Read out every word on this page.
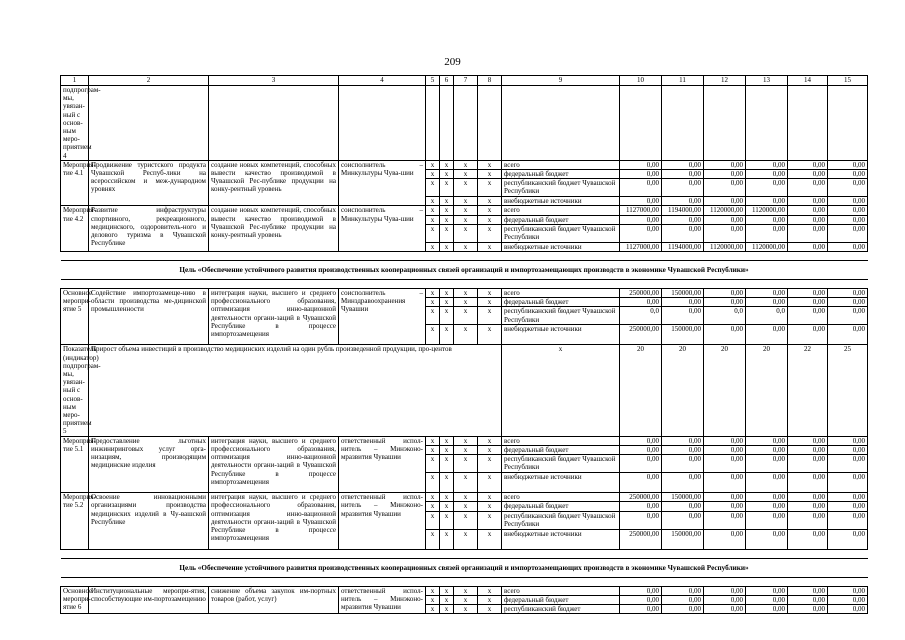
209
1	2	3	4	5	6	7	8	9	10	11	12	13	14	15
подпрограм-мы, увязан-ный с основ-ным меро-приятием 4														
Мероприя-тие 4.1	Продвижение туристского продукта Чувашской Респуб-лики на всероссийском и меж-дународном уровнях	создание новых компетенций, способных вывести качество производимой в Чувашской Рес-публике продукции на конку-рентный уровень	соисполнитель – Минкультуры Чува-шии	x	x	x	x	всего	0,00	0,00	0,00	0,00	0,00	0,00
				x	x	x	x	федеральный бюджет	0,00	0,00	0,00	0,00	0,00	0,00
				x	x	x	x	республиканский бюджет Чувашской Республики	0,00	0,00	0,00	0,00	0,00	0,00
				x	x	x	x	внебюджетные источники	0,00	0,00	0,00	0,00	0,00	0,00
Мероприя-тие 4.2	Развитие инфраструктуры спортивного, рекреационного, медицинского, оздоровитель-ного и делового туризма в Чувашской Республике	создание новых компетенций, способных вывести качество производимой в Чувашской Рес-публике продукции на конку-рентный уровень	соисполнитель – Минкультуры Чува-шии	x	x	x	x	всего	1127000,00	1194000,00	1120000,00	1120000,00	0,00	0,00
				x	x	x	x	федеральный бюджет	0,00	0,00	0,00	0,00	0,00	0,00
				x	x	x	x	республиканский бюджет Чувашской Республики	0,00	0,00	0,00	0,00	0,00	0,00
				x	x	x	x	внебюджетные источники	1127000,00	1194000,00	1120000,00	1120000,00	0,00	0,00

Цель «Обеспечение устойчивого развития производственных кооперационных связей организаций и импортозамещающих производств в экономике Чувашской Республики»														

Основное меропри-ятие 5	Содействие импортозамеще-нию в области производства ме-дицинской промышленности	интеграция науки, высшего и среднего профессионального образования, оптимизация инно-вационной деятельности органи-заций в Чувашской Республике в процессе импортозамещения	соисполнитель – Минздравоохранения Чувашии	x	x	x	x	всего	250000,00	150000,00	0,00	0,00	0,00	0,00
				x	x	x	x	федеральный бюджет	0,00	0,00	0,00	0,00	0,00	0,00
				x	x	x	x	республиканский бюджет Чувашской Республики	0,0	0,00	0,0	0,0	0,00	0,00
				x	x	x	x	внебюджетные источники	250000,00	150000,00	0,00	0,00	0,00	0,00
Показатель (индикатор) подпрограм-мы, увязан-ный с основ-ным меро-приятием 5	Прирост объема инвестиций в производство медицинских изделий на один рубль произведенной продукции, про-центов							x	20	20	20	20	22	25
Мероприя-тие 5.1	Предоставление льготных инжиниринговых услуг орга-низациям, производящим медицинские изделия	интеграция науки, высшего и среднего профессионального образования, оптимизация инно-вационной деятельности органи-заций в Чувашской Республике в процессе импортозамещения	ответственный испол-нитель – Минэконо-мразвития Чувашии	x	x	x	x	всего	0,00	0,00	0,00	0,00	0,00	0,00
				x	x	x	x	федеральный бюджет	0,00	0,00	0,00	0,00	0,00	0,00
				x	x	x	x	республиканский бюджет Чувашской Республики	0,00	0,00	0,00	0,00	0,00	0,00
				x	x	x	x	внебюджетные источники	0,00	0,00	0,00	0,00	0,00	0,00
Мероприя-тие 5.2	Освоение инновационными организациями производства медицинских изделий в Чу-вашской Республике	интеграция науки, высшего и среднего профессионального образования, оптимизация инно-вационной деятельности органи-заций в Чувашской Республике в процессе импортозамещения	ответственный испол-нитель – Минэконо-мразвития Чувашии	x	x	x	x	всего	250000,00	150000,00	0,00	0,00	0,00	0,00
				x	x	x	x	федеральный бюджет	0,00	0,00	0,00	0,00	0,00	0,00
				x	x	x	x	республиканский бюджет Чувашской Республики	0,00	0,00	0,00	0,00	0,00	0,00
				x	x	x	x	внебюджетные источники	250000,00	150000,00	0,00	0,00	0,00	0,00

Цель «Обеспечение устойчивого развития производственных кооперационных связей организаций и импортозамещающих производств в экономике Чувашской Республики»														

Основное меропри-ятие 6	Институциональные меропри-ятия, способствующие им-портозамещению	снижение объема закупок им-портных товаров (работ, услуг)	ответственный испол-нитель – Минэконо-мразвития Чувашии	x	x	x	x	всего	0,00	0,00	0,00	0,00	0,00	0,00
				x	x	x	x	федеральный бюджет	0,00	0,00	0,00	0,00	0,00	0,00
				x	x	x	x	республиканский бюджет	0,00	0,00	0,00	0,00	0,00	0,00
